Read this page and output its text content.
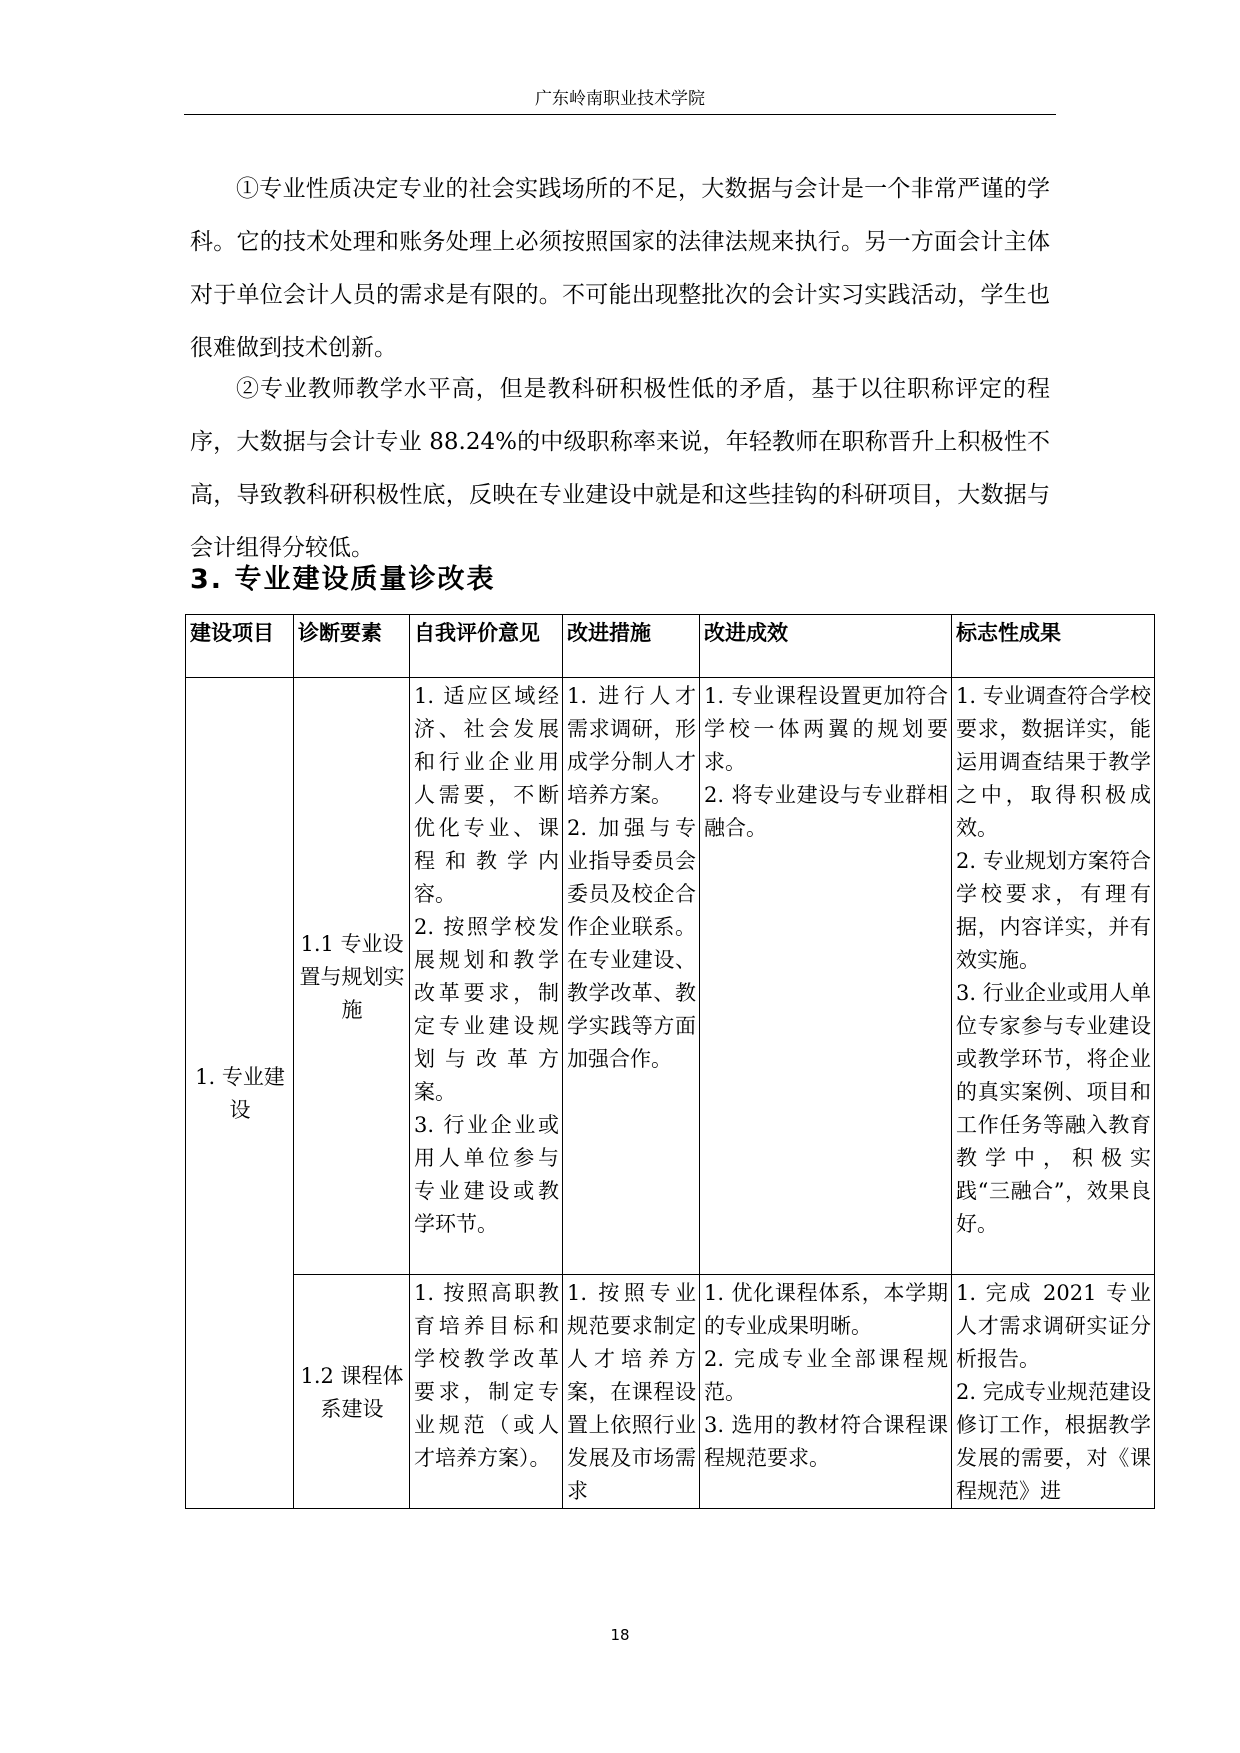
广东岭南职业技术学院

①专业性质决定专业的社会实践场所的不足，大数据与会计是一个非常严谨的学科。它的技术处理和账务处理上必须按照国家的法律法规来执行。另一方面会计主体对于单位会计人员的需求是有限的。不可能出现整批次的会计实习实践活动，学生也很难做到技术创新。

②专业教师教学水平高，但是教科研积极性低的矛盾，基于以往职称评定的程序，大数据与会计专业 88.24%的中级职称率来说，年轻教师在职称晋升上积极性不高，导致教科研积极性底，反映在专业建设中就是和这些挂钩的科研项目，大数据与会计组得分较低。

3. 专业建设质量诊改表
建设项目	诊断要素	自我评价意见	改进措施	改进成效	标志性成果
1. 专业建设	1.1 专业设置与规划实施	1. 适应区域经济、社会发展和行业企业用人需要，不断优化专业、课程和教学内容。
2. 按照学校发展规划和教学改革要求，制定专业建设规划与改革方案。
3. 行业企业或用人单位参与专业建设或教学环节。	1. 进行人才需求调研，形成学分制人才培养方案。
2. 加强与专业指导委员会委员及校企合作企业联系。在专业建设、教学改革、教学实践等方面加强合作。	1. 专业课程设置更加符合学校一体两翼的规划要求。
2. 将专业建设与专业群相融合。	1. 专业调查符合学校要求，数据详实，能运用调查结果于教学之中，取得积极成效。
2. 专业规划方案符合学校要求，有理有据，内容详实，并有效实施。
3. 行业企业或用人单位专家参与专业建设或教学环节，将企业的真实案例、项目和工作任务等融入教育教学中，积极实践“三融合”，效果良好。
	1.2 课程体系建设	1. 按照高职教育培养目标和学校教学改革要求，制定专业规范（或人才培养方案）。	1. 按照专业规范要求制定人才培养方案，在课程设置上依照行业发展及市场需求	1. 优化课程体系，本学期的专业成果明晰。
2. 完成专业全部课程规范。
3. 选用的教材符合课程课程规范要求。	1. 完成 2021 专业人才需求调研实证分析报告。
2. 完成专业规范建设修订工作，根据教学发展的需要，对《课程规范》进
18
